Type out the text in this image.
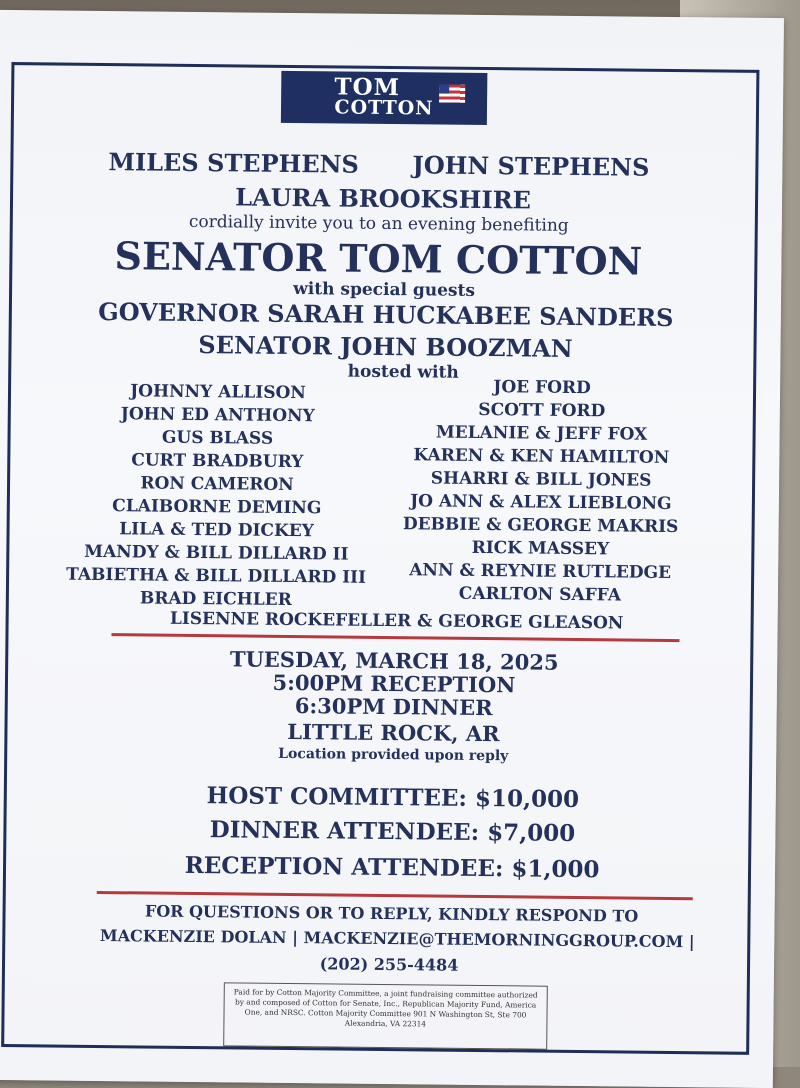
TOM
COTTON
MILES STEPHENS JOHN STEPHENS
LAURA BROOKSHIRE
cordially invite you to an evening benefiting
SENATOR TOM COTTON
with special guests
GOVERNOR SARAH HUCKABEE SANDERS
SENATOR JOHN BOOZMAN
hosted with
JOHNNY ALLISON
JOHN ED ANTHONY
GUS BLASS
CURT BRADBURY
RON CAMERON
CLAIBORNE DEMING
LILA & TED DICKEY
MANDY & BILL DILLARD II
TABIETHA & BILL DILLARD III
BRAD EICHLER
JOE FORD
SCOTT FORD
MELANIE & JEFF FOX
KAREN & KEN HAMILTON
SHARRI & BILL JONES
JO ANN & ALEX LIEBLONG
DEBBIE & GEORGE MAKRIS
RICK MASSEY
ANN & REYNIE RUTLEDGE
CARLTON SAFFA
LISENNE ROCKEFELLER & GEORGE GLEASON
TUESDAY, MARCH 18, 2025
5:00PM RECEPTION
6:30PM DINNER
LITTLE ROCK, AR
Location provided upon reply
HOST COMMITTEE: $10,000
DINNER ATTENDEE: $7,000
RECEPTION ATTENDEE: $1,000
FOR QUESTIONS OR TO REPLY, KINDLY RESPOND TO
MACKENZIE DOLAN | MACKENZIE@THEMORNINGGROUP.COM |
(202) 255-4484
Paid for by Cotton Majority Committee, a joint fundraising committee authorized by and composed of Cotton for Senate, Inc., Republican Majority Fund, America One, and NRSC. Cotton Majority Committee 901 N Washington St, Ste 700 Alexandria, VA 22314
